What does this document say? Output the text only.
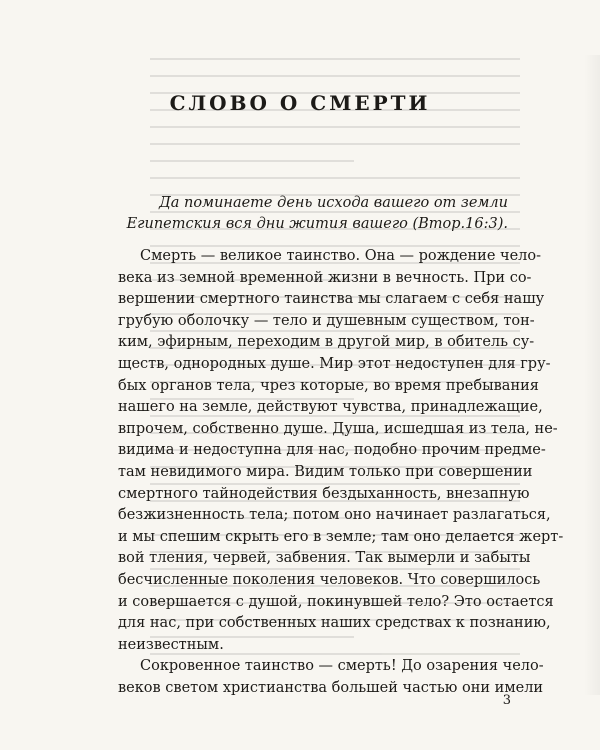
СЛОВО О СМЕРТИ
Да поминаете день исхода вашего от земли
Египетския вся дни жития вашего (Втор.16:3).
Смерть — великое таинство. Она — рождение чело-
века из земной временной жизни в вечность. При со-
вершении смертного таинства мы слагаем с себя нашу
грубую оболочку — тело и душевным существом, тон-
ким, эфирным, переходим в другой мир, в обитель су-
ществ, однородных душе. Мир этот недоступен для гру-
бых органов тела, чрез которые, во время пребывания
нашего на земле, действуют чувства, принадлежащие,
впрочем, собственно душе. Душа, исшедшая из тела, не-
видима и недоступна для нас, подобно прочим предме-
там невидимого мира. Видим только при совершении
смертного тайнодействия бездыханность, внезапную
безжизненность тела; потом оно начинает разлагаться,
и мы спешим скрыть его в земле; там оно делается жерт-
вой тления, червей, забвения. Так вымерли и забыты
бесчисленные поколения человеков. Что совершилось
и совершается с душой, покинувшей тело? Это остается
для нас, при собственных наших средствах к познанию,
неизвестным.
Сокровенное таинство — смерть! До озарения чело-
веков светом христианства большей частью они имели
3
